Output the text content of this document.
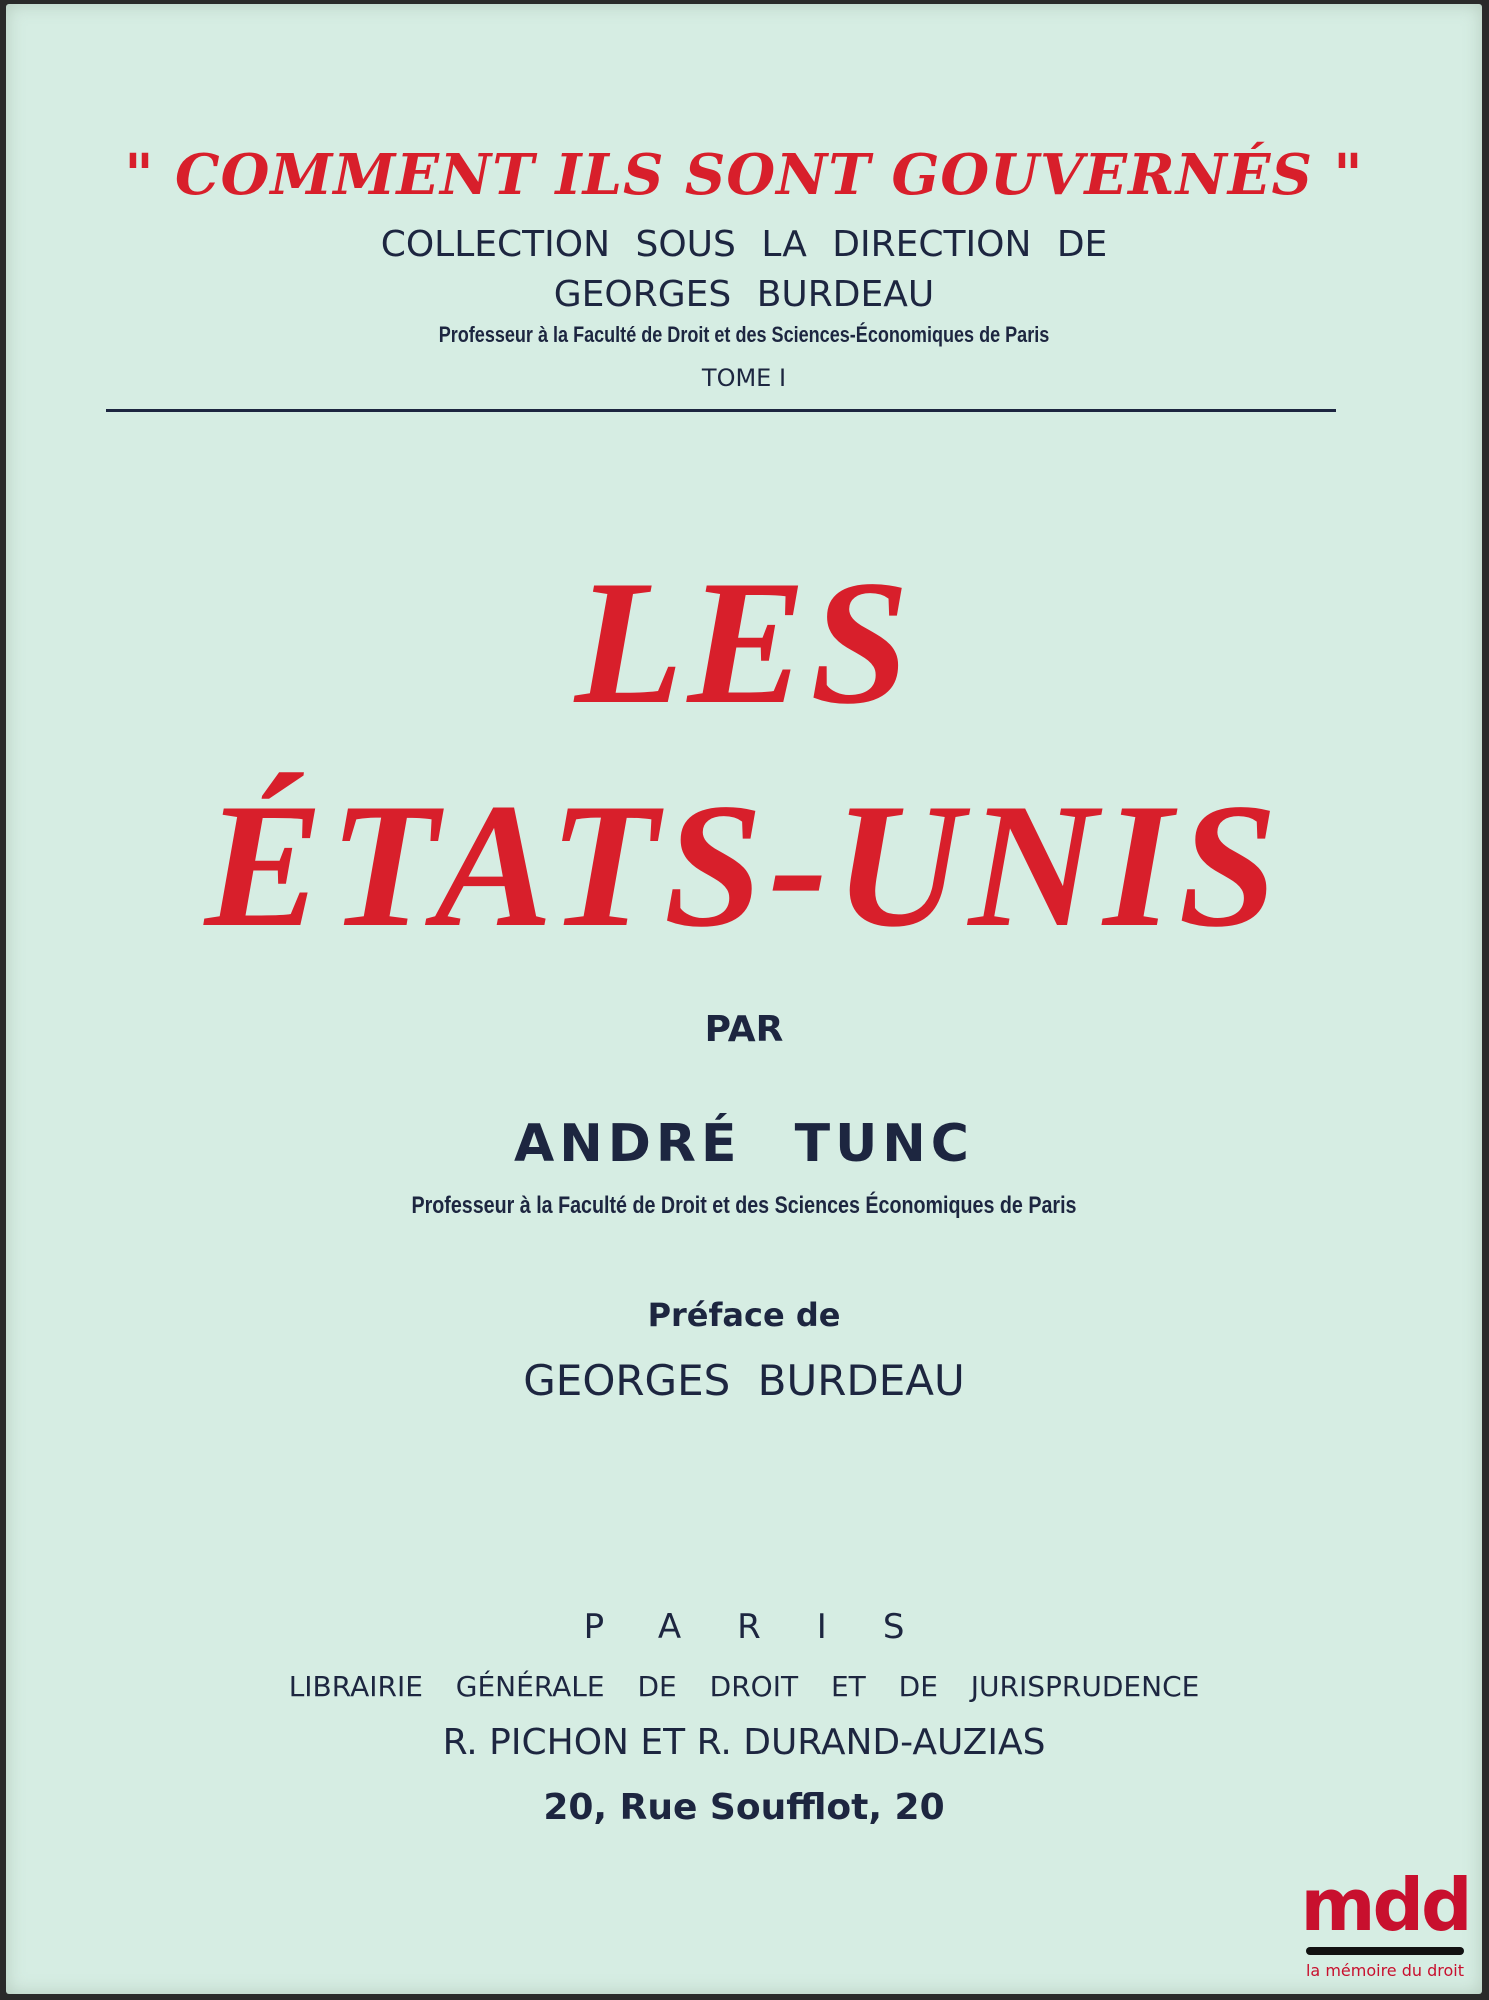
" COMMENT ILS SONT GOUVERNÉS "
COLLECTION SOUS LA DIRECTION DE
GEORGES BURDEAU
Professeur à la Faculté de Droit et des Sciences-Économiques de Paris
TOME I
LES
ÉTATS-UNIS
PAR
ANDRÉ TUNC
Professeur à la Faculté de Droit et des Sciences Économiques de Paris
Préface de
GEORGES BURDEAU
PARIS
LIBRAIRIE GÉNÉRALE DE DROIT ET DE JURISPRUDENCE
R. PICHON ET R. DURAND-AUZIAS
20, Rue Soufflot, 20
mdd
la mémoire du droit
